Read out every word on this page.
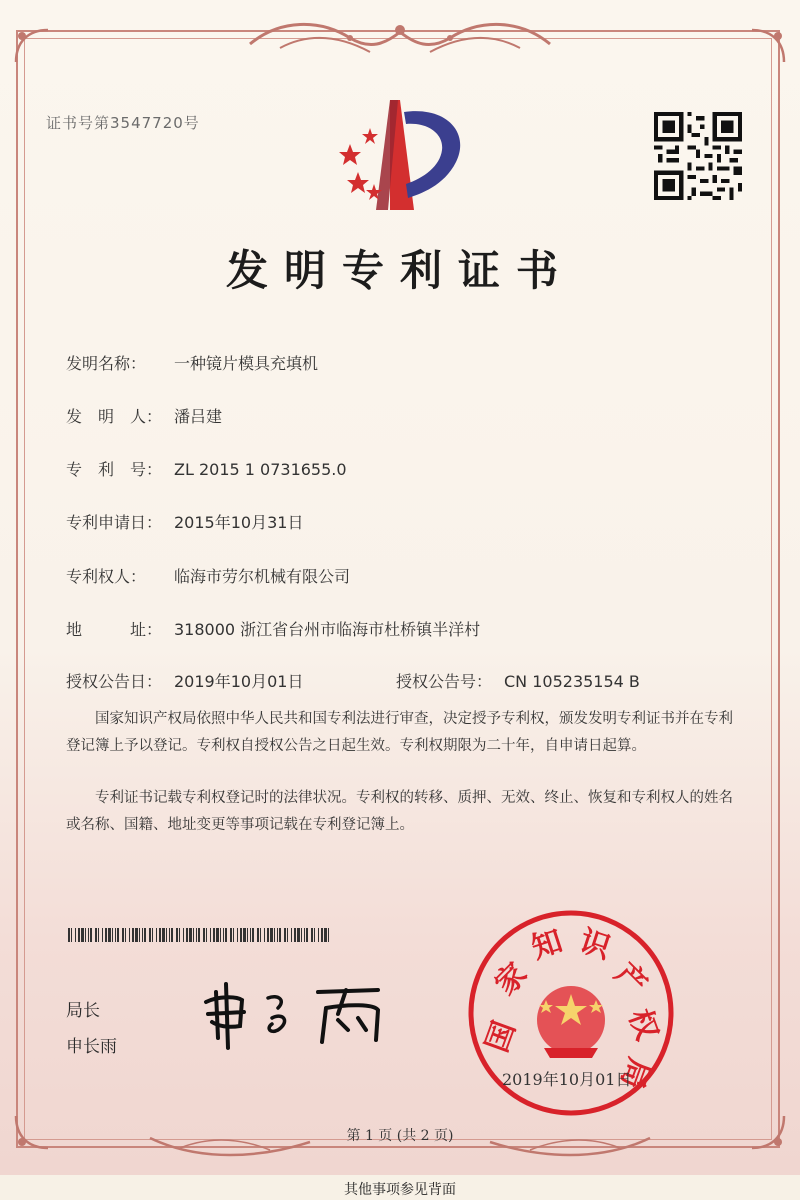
证书号第3547720号
发明专利证书
发明名称： 一种镜片模具充填机
发　明　人： 潘吕建
专　利　号： ZL 2015 1 0731655.0
专利申请日： 2015年10月31日
专利权人： 临海市劳尔机械有限公司
地　　　址： 318000 浙江省台州市临海市杜桥镇半洋村
授权公告日： 2019年10月01日	授权公告号： CN 105235154 B
国家知识产权局依照中华人民共和国专利法进行审查，决定授予专利权，颁发发明专利证书并在专利登记簿上予以登记。专利权自授权公告之日起生效。专利权期限为二十年，自申请日起算。
专利证书记载专利权登记时的法律状况。专利权的转移、质押、无效、终止、恢复和专利权人的姓名或名称、国籍、地址变更等事项记载在专利登记簿上。
局长
申长雨	国
家
知 识
产
权
局
2019年10月01日
第 1 页 (共 2 页)
其他事项参见背面
